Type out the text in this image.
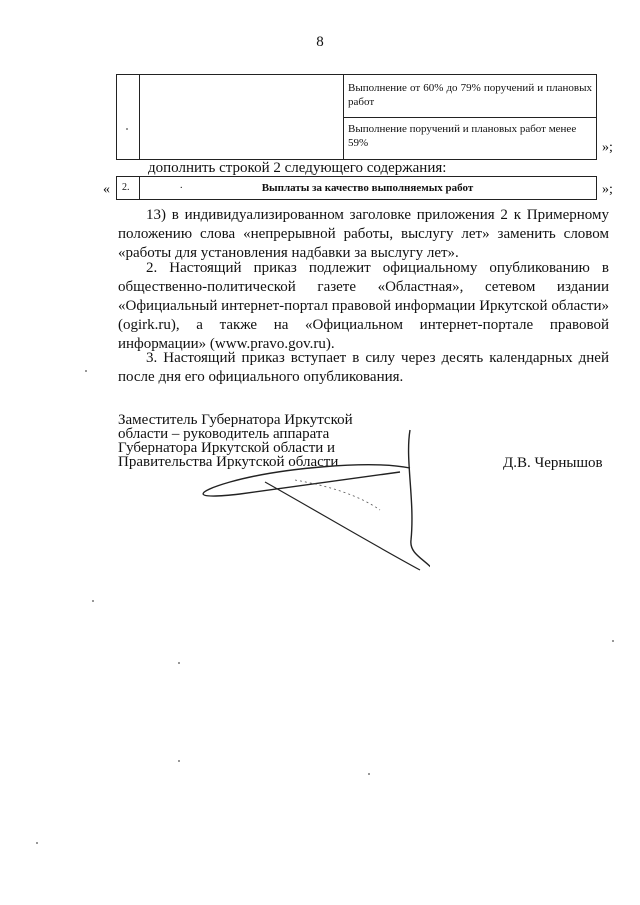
8
Выполнение от 60% до 79% поручений и плановых работ
Выполнение поручений и плановых работ менее 59%	»;
дополнить строкой 2 следующего содержания:
« 2.	.	Выплаты за качество выполняемых работ	»;
13) в индивидуализированном заголовке приложения 2 к Примерному положению слова «непрерывной работы, выслугу лет» заменить словом «работы для установления надбавки за выслугу лет».
2. Настоящий приказ подлежит официальному опубликованию в общественно-политической газете «Областная», сетевом издании «Официальный интернет-портал правовой информации Иркутской области» (ogirk.ru), а также на «Официальном интернет-портале правовой информации» (www.pravo.gov.ru).
3. Настоящий приказ вступает в силу через десять календарных дней после дня его официального опубликования.
Заместитель Губернатора Иркутской
области – руководитель аппарата
Губернатора Иркутской области и
Правительства Иркутской области	Д.В. Чернышов
